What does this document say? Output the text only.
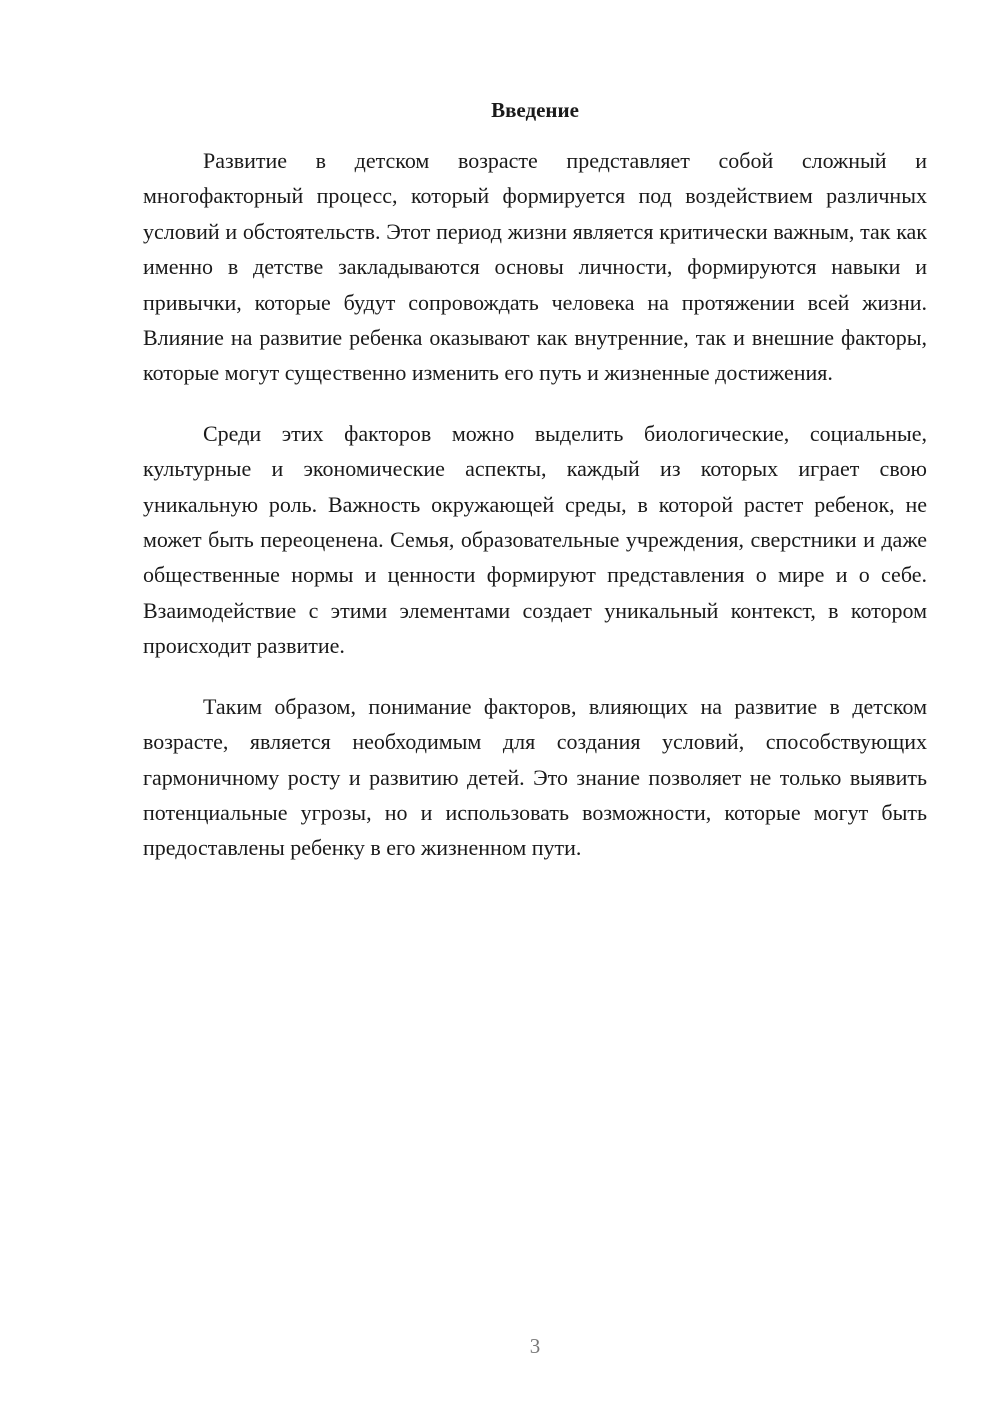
Введение

Развитие в детском возрасте представляет собой сложный и многофакторный процесс, который формируется под воздействием различных условий и обстоятельств. Этот период жизни является критически важным, так как именно в детстве закладываются основы личности, формируются навыки и привычки, которые будут сопровождать человека на протяжении всей жизни. Влияние на развитие ребенка оказывают как внутренние, так и внешние факторы, которые могут существенно изменить его путь и жизненные достижения.

Среди этих факторов можно выделить биологические, социальные, культурные и экономические аспекты, каждый из которых играет свою уникальную роль. Важность окружающей среды, в которой растет ребенок, не может быть переоценена. Семья, образовательные учреждения, сверстники и даже общественные нормы и ценности формируют представления о мире и о себе. Взаимодействие с этими элементами создает уникальный контекст, в котором происходит развитие.

Таким образом, понимание факторов, влияющих на развитие в детском возрасте, является необходимым для создания условий, способствующих гармоничному росту и развитию детей. Это знание позволяет не только выявить потенциальные угрозы, но и использовать возможности, которые могут быть предоставлены ребенку в его жизненном пути.

3
